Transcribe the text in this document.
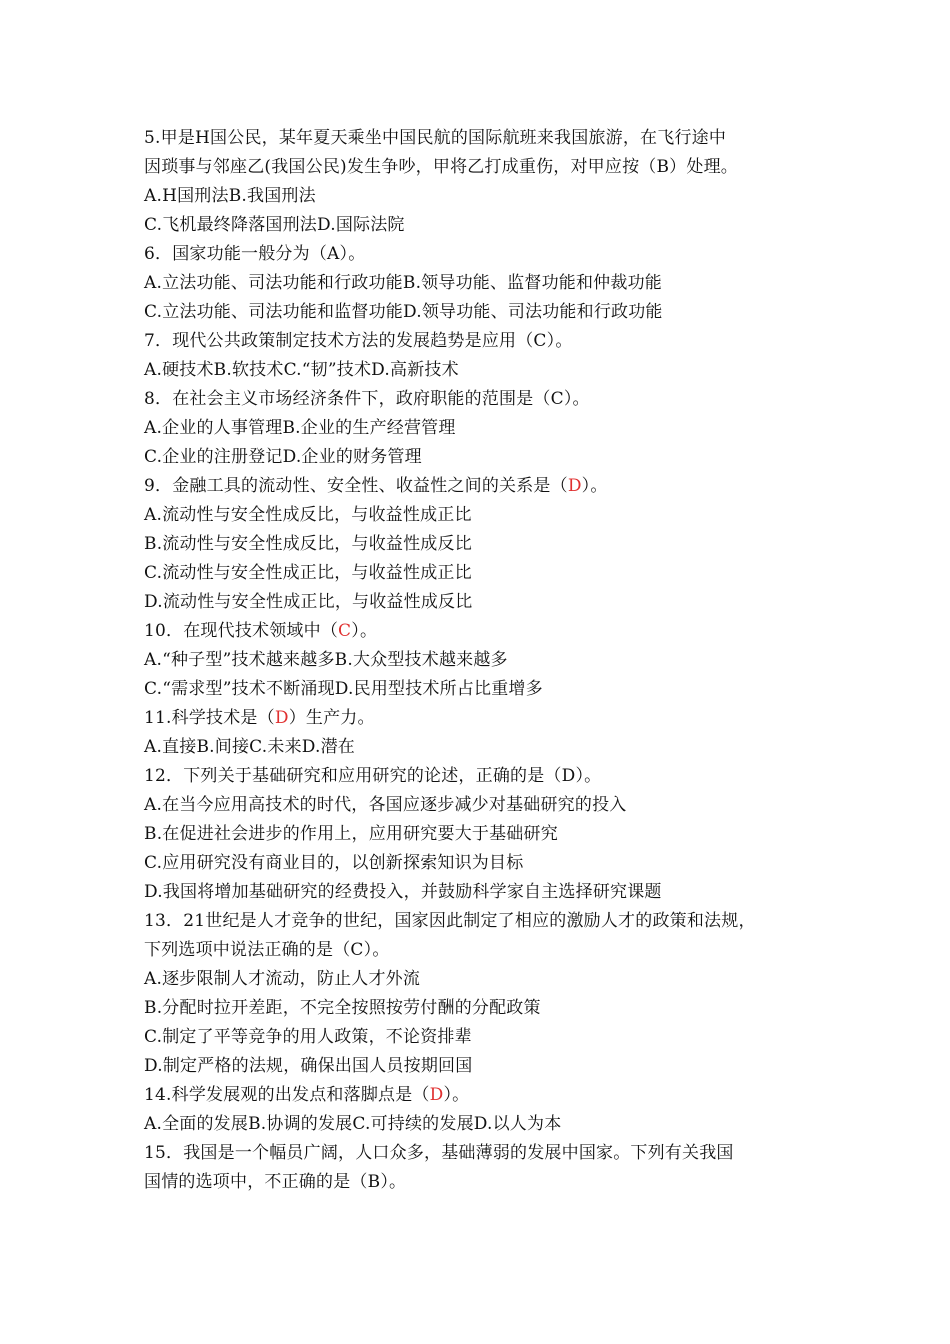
5.甲是H国公民，某年夏天乘坐中国民航的国际航班来我国旅游，在飞行途中
因琐事与邻座乙(我国公民)发生争吵，甲将乙打成重伤，对甲应按（B）处理。
A.H国刑法B.我国刑法
C.飞机最终降落国刑法D.国际法院
6．国家功能一般分为（A）。
A.立法功能、司法功能和行政功能B.领导功能、监督功能和仲裁功能
C.立法功能、司法功能和监督功能D.领导功能、司法功能和行政功能
7．现代公共政策制定技术方法的发展趋势是应用（C）。
A.硬技术B.软技术C.“韧”技术D.高新技术
8．在社会主义市场经济条件下，政府职能的范围是（C）。
A.企业的人事管理B.企业的生产经营管理
C.企业的注册登记D.企业的财务管理
9．金融工具的流动性、安全性、收益性之间的关系是（D）。
A.流动性与安全性成反比，与收益性成正比
B.流动性与安全性成反比，与收益性成反比
C.流动性与安全性成正比，与收益性成正比
D.流动性与安全性成正比，与收益性成反比
10．在现代技术领域中（C）。
A.“种子型”技术越来越多B.大众型技术越来越多
C.“需求型”技术不断涌现D.民用型技术所占比重增多
11.科学技术是（D）生产力。
A.直接B.间接C.未来D.潜在
12．下列关于基础研究和应用研究的论述，正确的是（D）。
A.在当今应用高技术的时代，各国应逐步减少对基础研究的投入
B.在促进社会进步的作用上，应用研究要大于基础研究
C.应用研究没有商业目的，以创新探索知识为目标
D.我国将增加基础研究的经费投入，并鼓励科学家自主选择研究课题
13．21世纪是人才竞争的世纪，国家因此制定了相应的激励人才的政策和法规，
下列选项中说法正确的是（C）。
A.逐步限制人才流动，防止人才外流
B.分配时拉开差距，不完全按照按劳付酬的分配政策
C.制定了平等竞争的用人政策，不论资排辈
D.制定严格的法规，确保出国人员按期回国
14.科学发展观的出发点和落脚点是（D）。
A.全面的发展B.协调的发展C.可持续的发展D.以人为本
15．我国是一个幅员广阔，人口众多，基础薄弱的发展中国家。下列有关我国
国情的选项中，不正确的是（B）。
